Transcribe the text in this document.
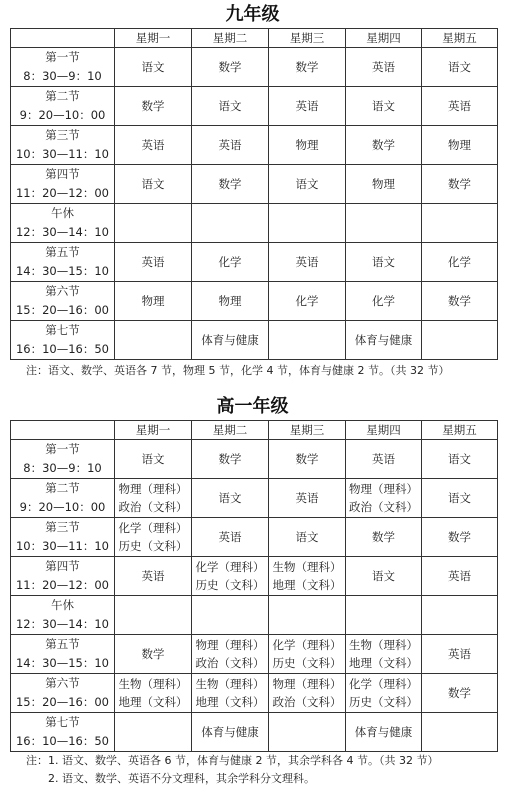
九年级
	星期一	星期二	星期三	星期四	星期五

第一节
8：30—9：10	语文	数学	数学	英语	语文

第二节
9：20—10：00	数学	语文	英语	语文	英语

第三节
10：30—11：10	英语	英语	物理	数学	物理

第四节
11：20—12：00	语文	数学	语文	物理	数学

午休
12：30—14：10					

第五节
14：30—15：10	英语	化学	英语	语文	化学

第六节
15：20—16：00	物理	物理	化学	化学	数学

第七节
16：10—16：50		体育与健康		体育与健康	

注：语文、数学、英语各 7 节，物理 5 节，化学 4 节，体育与健康 2 节。（共 32 节）
高一年级
	星期一	星期二	星期三	星期四	星期五

第一节
8：30—9：10	语文	数学	数学	英语	语文

第二节
9：20—10：00	物理（理科）
政治（文科）	语文	英语	物理（理科）
政治（文科）	语文

第三节
10：30—11：10	化学（理科）
历史（文科）	英语	语文	数学	数学

第四节
11：20—12：00	英语	化学（理科）
历史（文科）	生物（理科）
地理（文科）	语文	英语

午休
12：30—14：10					

第五节
14：30—15：10	数学	物理（理科）
政治（文科）	化学（理科）
历史（文科）	生物（理科）
地理（文科）	英语

第六节
15：20—16：00	生物（理科）
地理（文科）	生物（理科）
地理（文科）	物理（理科）
政治（文科）	化学（理科）
历史（文科）	数学

第七节
16：10—16：50		体育与健康		体育与健康	

注：1. 语文、数学、英语各 6 节，体育与健康 2 节，其余学科各 4 节。（共 32 节）
2. 语文、数学、英语不分文理科，其余学科分文理科。
